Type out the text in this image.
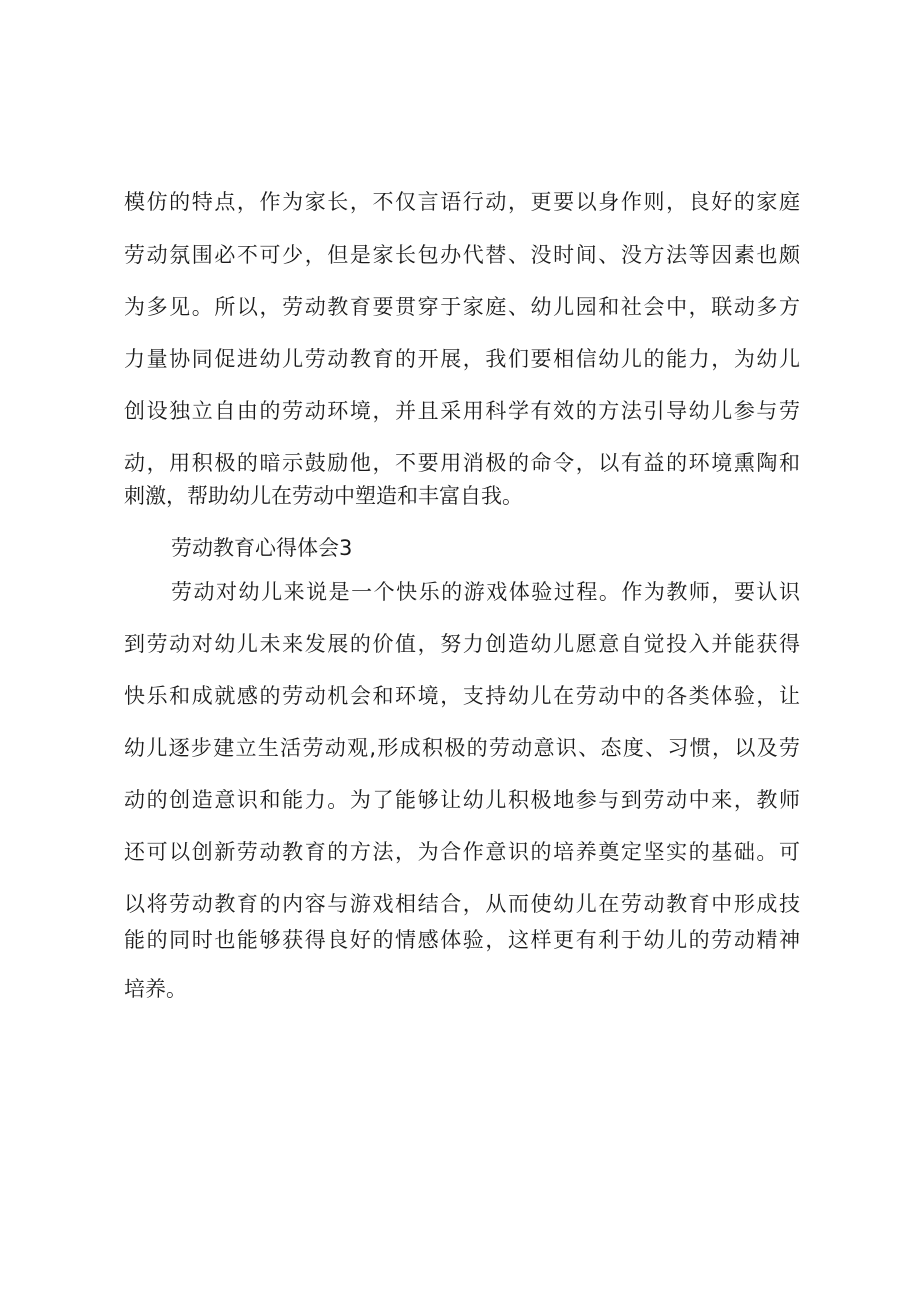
模仿的特点，作为家长，不仅言语行动，更要以身作则，良好的家庭
劳动氛围必不可少，但是家长包办代替、没时间、没方法等因素也颇
为多见。所以，劳动教育要贯穿于家庭、幼儿园和社会中，联动多方
力量协同促进幼儿劳动教育的开展，我们要相信幼儿的能力，为幼儿
创设独立自由的劳动环境，并且采用科学有效的方法引导幼儿参与劳
动，用积极的暗示鼓励他，不要用消极的命令，以有益的环境熏陶和
刺激，帮助幼儿在劳动中塑造和丰富自我。
劳动教育心得体会3
劳动对幼儿来说是一个快乐的游戏体验过程。作为教师，要认识
到劳动对幼儿未来发展的价值，努力创造幼儿愿意自觉投入并能获得
快乐和成就感的劳动机会和环境，支持幼儿在劳动中的各类体验，让
幼儿逐步建立生活劳动观,形成积极的劳动意识、态度、习惯，以及劳
动的创造意识和能力。为了能够让幼儿积极地参与到劳动中来，教师
还可以创新劳动教育的方法，为合作意识的培养奠定坚实的基础。可
以将劳动教育的内容与游戏相结合，从而使幼儿在劳动教育中形成技
能的同时也能够获得良好的情感体验，这样更有利于幼儿的劳动精神
培养。
